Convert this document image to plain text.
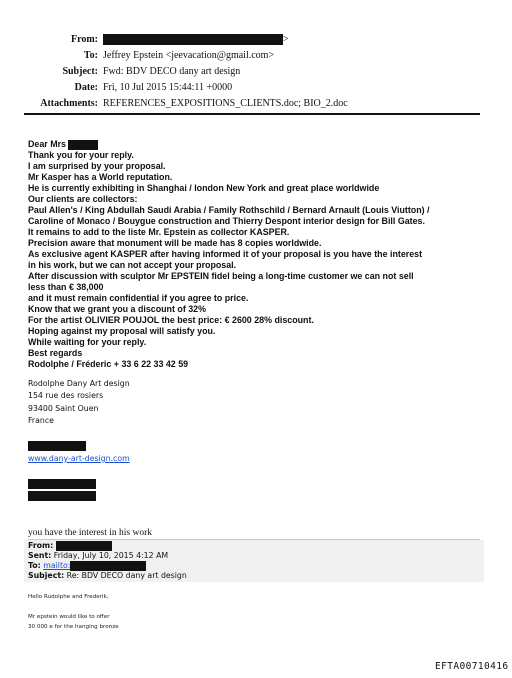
From:	>
To: Jeffrey Epstein <jeevacation@gmail.com>
Subject: Fwd: BDV DECO dany art design
Date: Fri, 10 Jul 2015 15:44:11 +0000
Attachments: REFERENCES_EXPOSITIONS_CLIENTS.doc; BIO_2.doc
Dear Mrs
Thank you for your reply.
I am surprised by your proposal.
Mr Kasper has a World reputation.
He is currently exhibiting in Shanghai / london New York and great place worldwide
Our clients are collectors:
Paul Allen's / King Abdullah Saudi Arabia / Family Rothschild / Bernard Arnault (Louis Viutton) /
Caroline of Monaco / Bouygue construction and Thierry Despont interior design for Bill Gates.
It remains to add to the liste Mr. Epstein as collector KASPER.
Precision aware that monument will be made has 8 copies worldwide.
As exclusive agent KASPER after having informed it of your proposal is you have the interest
in his work, but we can not accept your proposal.
After discussion with sculptor Mr EPSTEIN fidel being a long-time customer we can not sell
less than € 38,000
and it must remain confidential if you agree to price.
Know that we grant you a discount of 32%
For the artist OLIVIER POUJOL the best price: € 2600 28% discount.
Hoping against my proposal will satisfy you.
While waiting for your reply.
Best regards
Rodolphe / Fréderic + 33 6 22 33 42 59
Rodolphe Dany Art design
154 rue des rosiers
93400 Saint Ouen
France
www.dany-art-design.com
you have the interest in his work
From:
Sent: Friday, July 10, 2015 4:12 AM
To: mailto:
Subject: Re: BDV DECO dany art design
Hello Rudolphe and Frederik,
Mr epstein would like to offer
30 000 e for the hanging bronze
EFTA00710416
